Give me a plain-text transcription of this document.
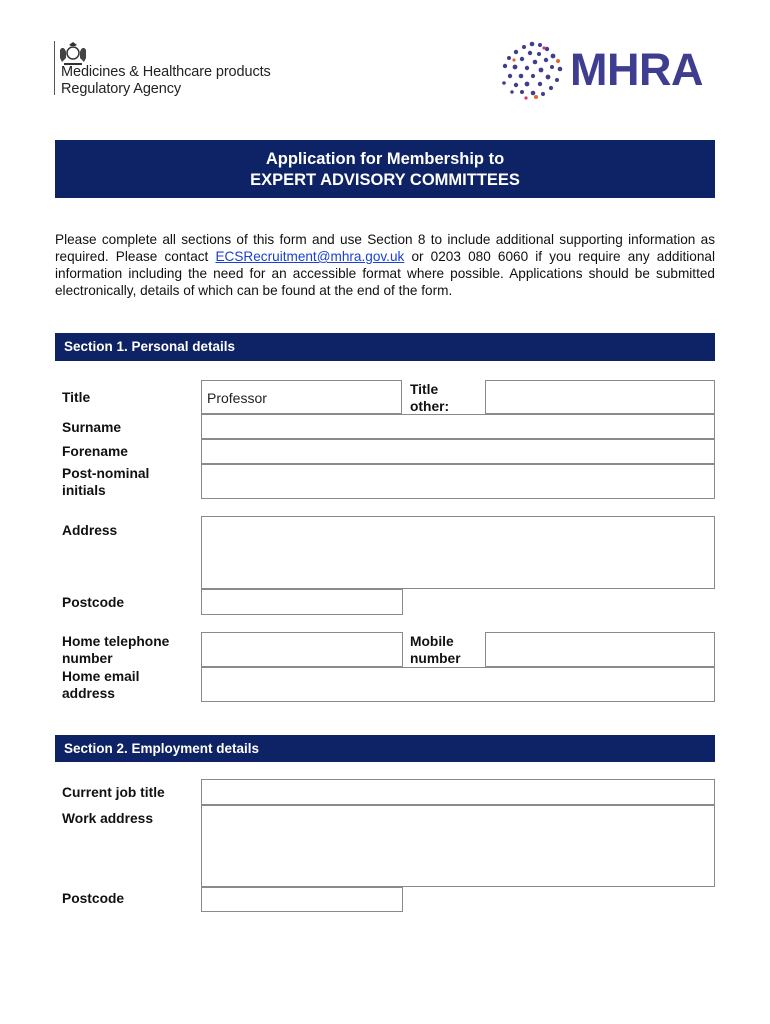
Medicines & Healthcare products
Regulatory Agency	MHRA
Application for Membership to
EXPERT ADVISORY COMMITTEES
Please complete all sections of this form and use Section 8 to include additional supporting information as required. Please contact ECSRecruitment@mhra.gov.uk or 0203 080 6060 if you require any additional information including the need for an accessible format where possible. Applications should be submitted electronically, details of which can be found at the end of the form.
Section 1. Personal details
Title	Professor
Title
other:
Surname
Forename
Post-nominal
initials
Address
Postcode
Home telephone
number
Mobile
number
Home email
address
Section 2. Employment details
Current job title
Work address
Postcode
